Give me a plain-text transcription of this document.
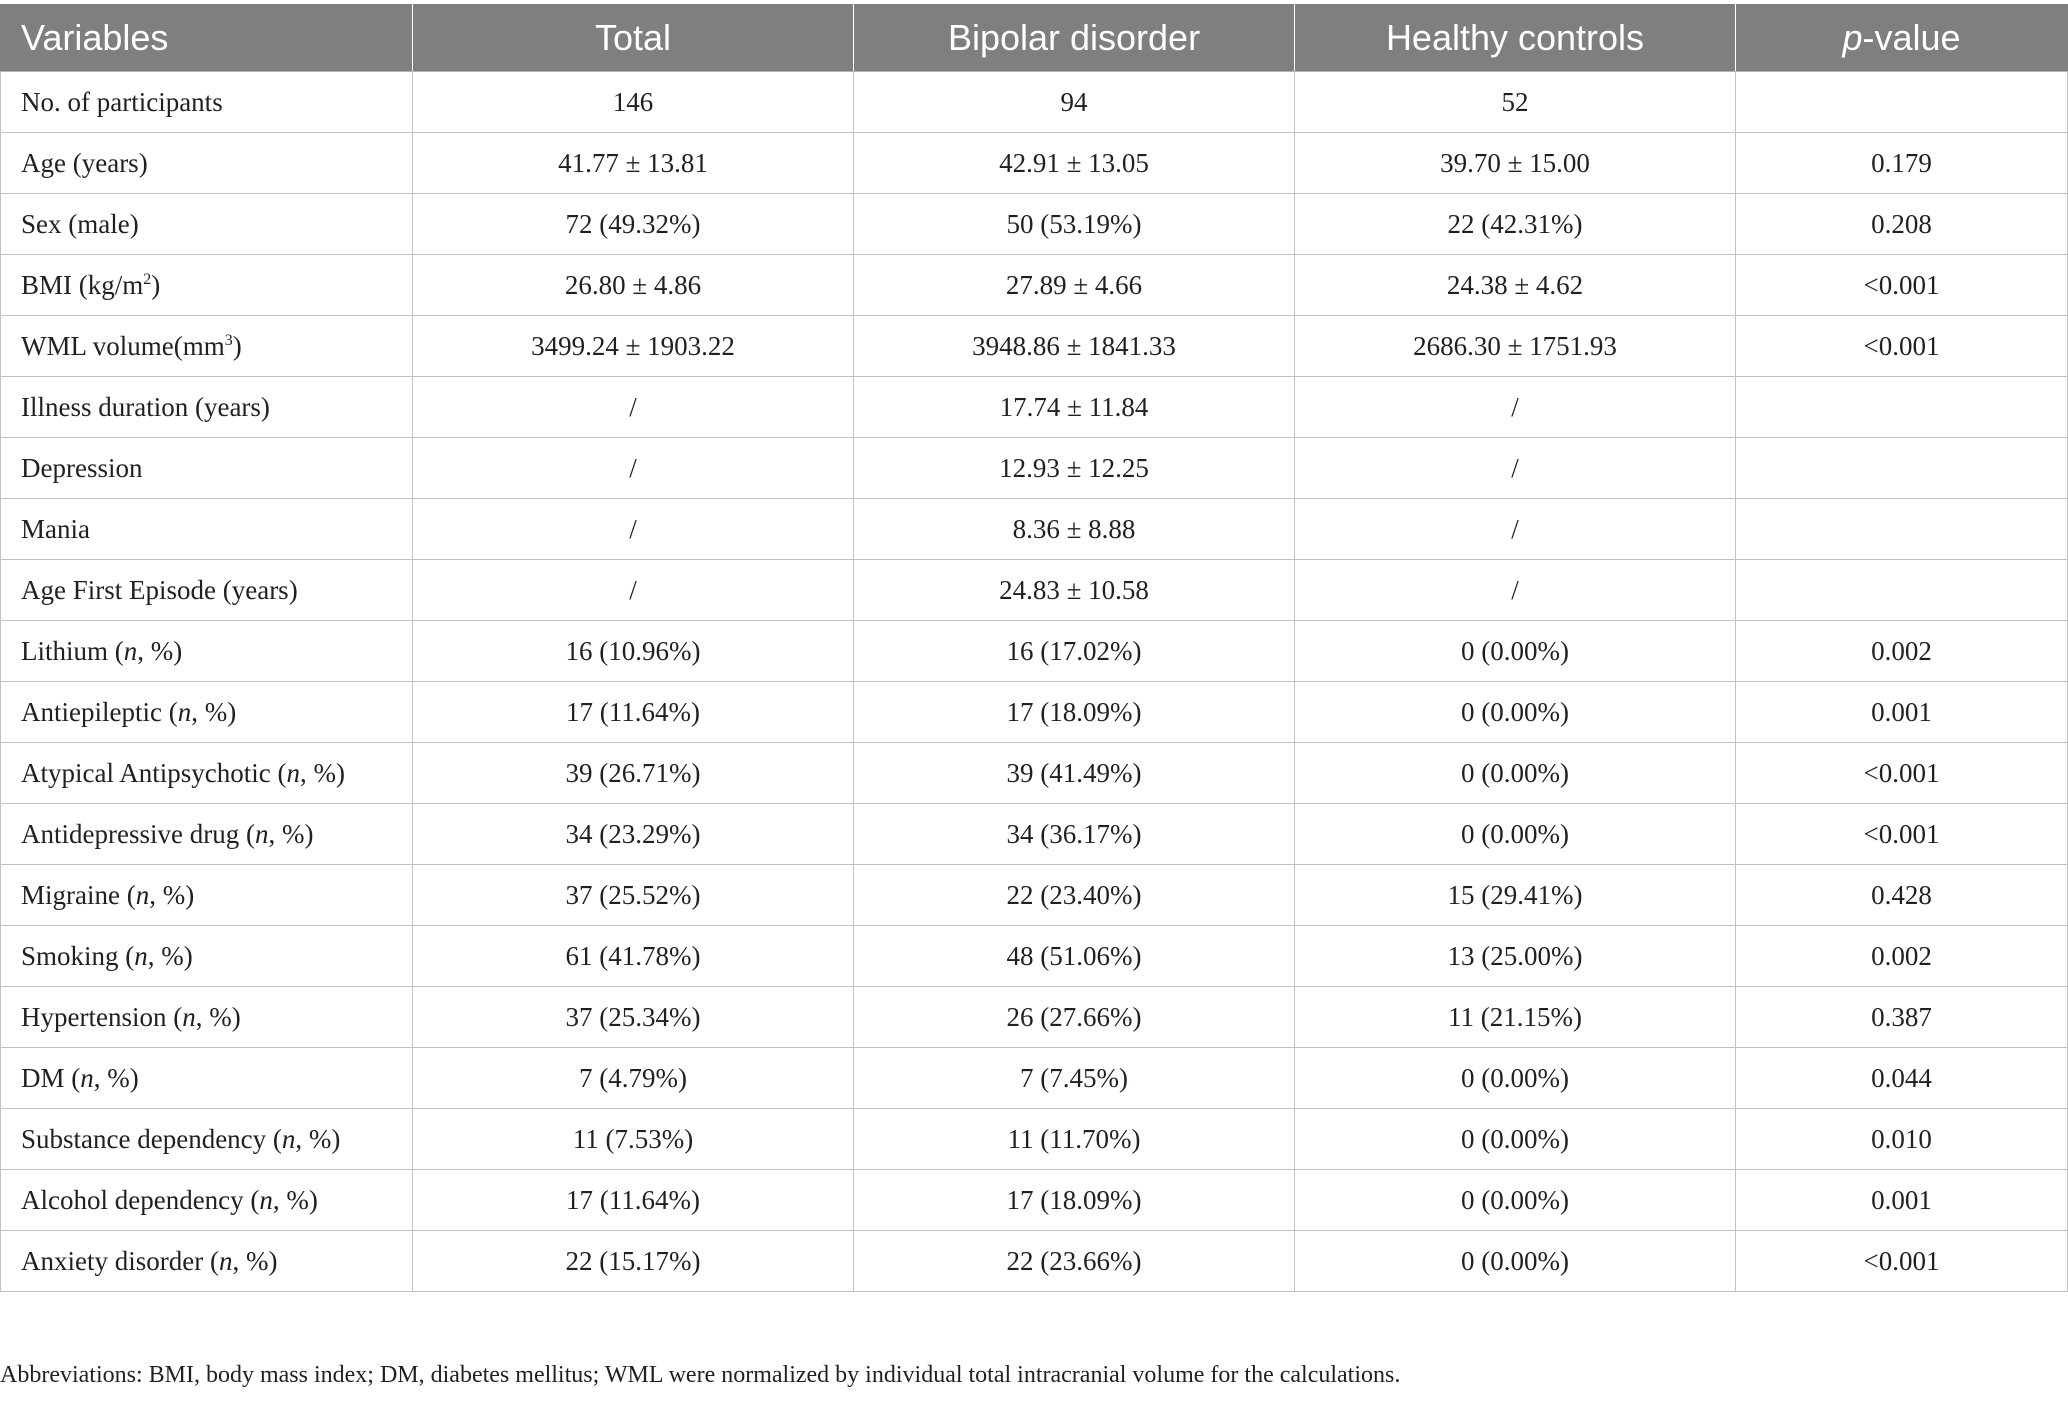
Variables	Total	Bipolar disorder	Healthy controls	p-value
No. of participants	146	94	52	
Age (years)	41.77 ± 13.81	42.91 ± 13.05	39.70 ± 15.00	0.179
Sex (male)	72 (49.32%)	50 (53.19%)	22 (42.31%)	0.208
BMI $(kg/m^2)$	26.80 ± 4.86	27.89 ± 4.66	24.38 ± 4.62	<0.001
WML $volume(mm^3)$	3499.24 ± 1903.22	3948.86 ± 1841.33	2686.30 ± 1751.93	<0.001
Illness duration (years)	/	17.74 ± 11.84	/	
Depression	/	12.93 ± 12.25	/	
Mania	/	8.36 ± 8.88	/	
Age First Episode (years)	/	24.83 ± 10.58	/	
Lithium (n, %)	16 (10.96%)	16 (17.02%)	0 (0.00%)	0.002
Antiepileptic (n, %)	17 (11.64%)	17 (18.09%)	0 (0.00%)	0.001
Atypical Antipsychotic (n, %)	39 (26.71%)	39 (41.49%)	0 (0.00%)	<0.001
Antidepressive drug (n, %)	34 (23.29%)	34 (36.17%)	0 (0.00%)	<0.001
Migraine (n, %)	37 (25.52%)	22 (23.40%)	15 (29.41%)	0.428
Smoking (n, %)	61 (41.78%)	48 (51.06%)	13 (25.00%)	0.002
Hypertension (n, %)	37 (25.34%)	26 (27.66%)	11 (21.15%)	0.387
DM (n, %)	7 (4.79%)	7 (7.45%)	0 (0.00%)	0.044
Substance dependency (n, %)	11 (7.53%)	11 (11.70%)	0 (0.00%)	0.010
Alcohol dependency (n, %)	17 (11.64%)	17 (18.09%)	0 (0.00%)	0.001
Anxiety disorder (n, %)	22 (15.17%)	22 (23.66%)	0 (0.00%)	<0.001
Abbreviations: BMI, body mass index; DM, diabetes mellitus; WML were normalized by individual total intracranial volume for the calculations.
